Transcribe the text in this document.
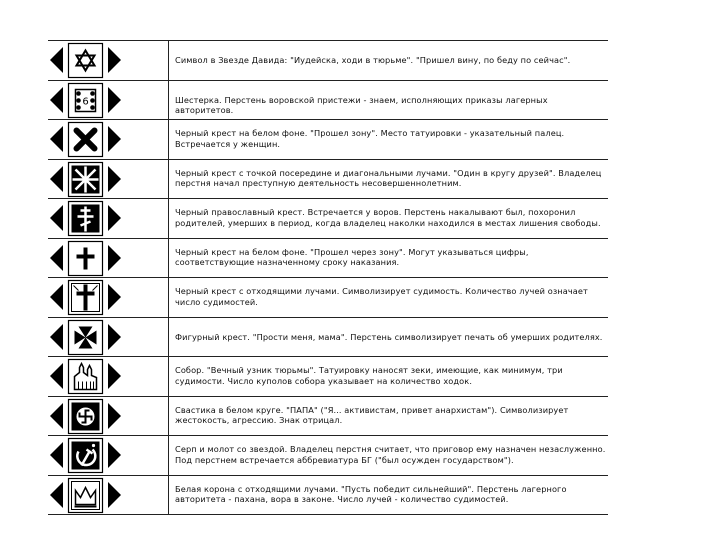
Символ в Звезде Давида: "Иудейска, ходи в тюрьме". "Пришел вину, по беду по сейчас".
6	Шестерка. Перстень воровской пристежи - знаем, исполняющих приказы лагерных авторитетов.
Черный крест на белом фоне. "Прошел зону". Место татуировки - указательный палец. Встречается у женщин.
Черный крест с точкой посередине и диагональными лучами. "Один в кругу друзей". Владелец перстня начал преступную деятельность несовершеннолетним.
Черный православный крест. Встречается у воров. Перстень накалывают был, похоронил родителей, умерших в период, когда владелец наколки находился в местах лишения свободы.
Черный крест на белом фоне. "Прошел через зону". Могут указываться цифры, соответствующие назначенному сроку наказания.
Черный крест с отходящими лучами. Символизирует судимость. Количество лучей означает число судимостей.
Фигурный крест. "Прости меня, мама". Перстень символизирует печать об умерших родителях.
Собор. "Вечный узник тюрьмы". Татуировку наносят зеки, имеющие, как минимум, три судимости. Число куполов собора указывает на количество ходок.
Свастика в белом круге. "ПАПА" ("Я... активистам, привет анархистам"). Символизирует жестокость, агрессию. Знак отрицал.
Серп и молот со звездой. Владелец перстня считает, что приговор ему назначен незаслуженно. Под перстнем встречается аббревиатура БГ ("был осужден государством").
Белая корона с отходящими лучами. "Пусть победит сильнейший". Перстень лагерного авторитета - пахана, вора в законе. Число лучей - количество судимостей.
